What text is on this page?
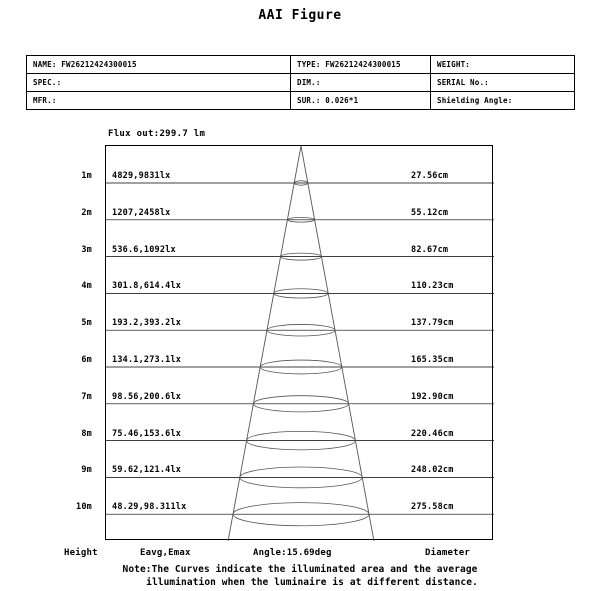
AAI Figure
NAME: FW26212424300015	TYPE: FW26212424300015	WEIGHT:
SPEC.:	DIM.:	SERIAL No.:
MFR.:	SUR.: 0.026*1	Shielding Angle:
Flux out:299.7 lm
1m 4829,9831lx	27.56cm
2m 1207,2458lx	55.12cm
3m 536.6,1092lx	82.67cm
4m 301.8,614.4lx	110.23cm
5m 193.2,393.2lx	137.79cm
6m 134.1,273.1lx	165.35cm
7m 98.56,200.6lx	192.90cm
8m 75.46,153.6lx	220.46cm
9m 59.62,121.4lx	248.02cm
10m 48.29,98.311lx	275.58cm
Height	Eavg,Emax	Angle:15.69deg	Diameter
Note:The Curves indicate the illuminated area and the average
illumination when the luminaire is at different distance.
